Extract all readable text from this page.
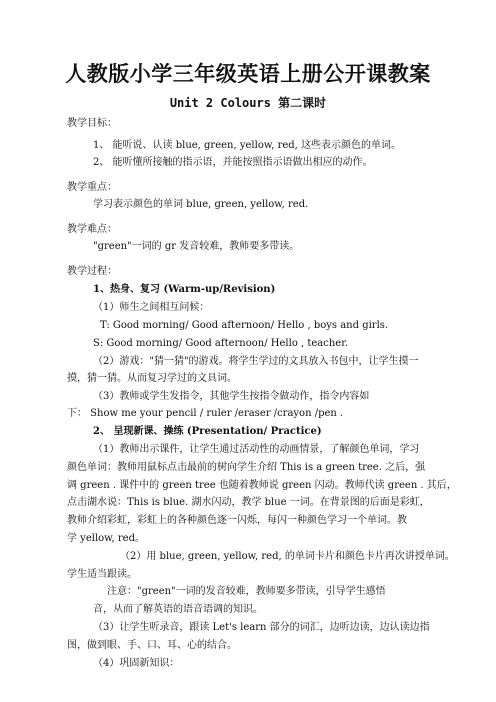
人教版小学三年级英语上册公开课教案
Unit 2 Colours 第二课时
教学目标：
1、 能听说、认读 blue, green, yellow, red, 这些表示颜色的单词。
2、 能听懂所接触的指示语，并能按照指示语做出相应的动作。
教学重点：
学习表示颜色的单词 blue, green, yellow, red.
教学难点：
"green"一词的 gr 发音较难，教师要多带读。
教学过程：
1、热身、复习 (Warm-up/Revision)
（1）师生之间相互问候：
T: Good morning/ Good afternoon/ Hello , boys and girls.
S: Good morning/ Good afternoon/ Hello , teacher.
（2）游戏："猜一猜"的游戏。将学生学过的文具放入书包中，让学生摸一
摸，猜一猜。从而复习学过的文具词。
（3）教师或学生发指令，其他学生按指令做动作，指令内容如
下： Show me your pencil / ruler /eraser /crayon /pen .
2、 呈现新课、操练 (Presentation/ Practice)
（1）教师出示课件，让学生通过活动性的动画情景，了解颜色单词，学习
颜色单词：教师用鼠标点击最前的树向学生介绍 This is a green tree. 之后，强
调 green . 课件中的 green tree 也随着教师说 green 闪动。教师代读 green . 其后，
点击湖水说：This is blue. 湖水闪动，教学 blue 一词。在背景图的后面是彩虹，
教师介绍彩虹，彩虹上的各种颜色逐一闪烁，每闪一种颜色学习一个单词。教
学 yellow, red。
（2）用 blue, green, yellow, red, 的单词卡片和颜色卡片再次讲授单词。
学生适当跟读。
注意："green"一词的发音较难，教师要多带读，引导学生感悟
音，从而了解英语的语音语调的知识。
（3）让学生听录音，跟读 Let's learn 部分的词汇，边听边读，边认读边指
图，做到眼、手、口、耳、心的结合。
（4）巩固新知识：
